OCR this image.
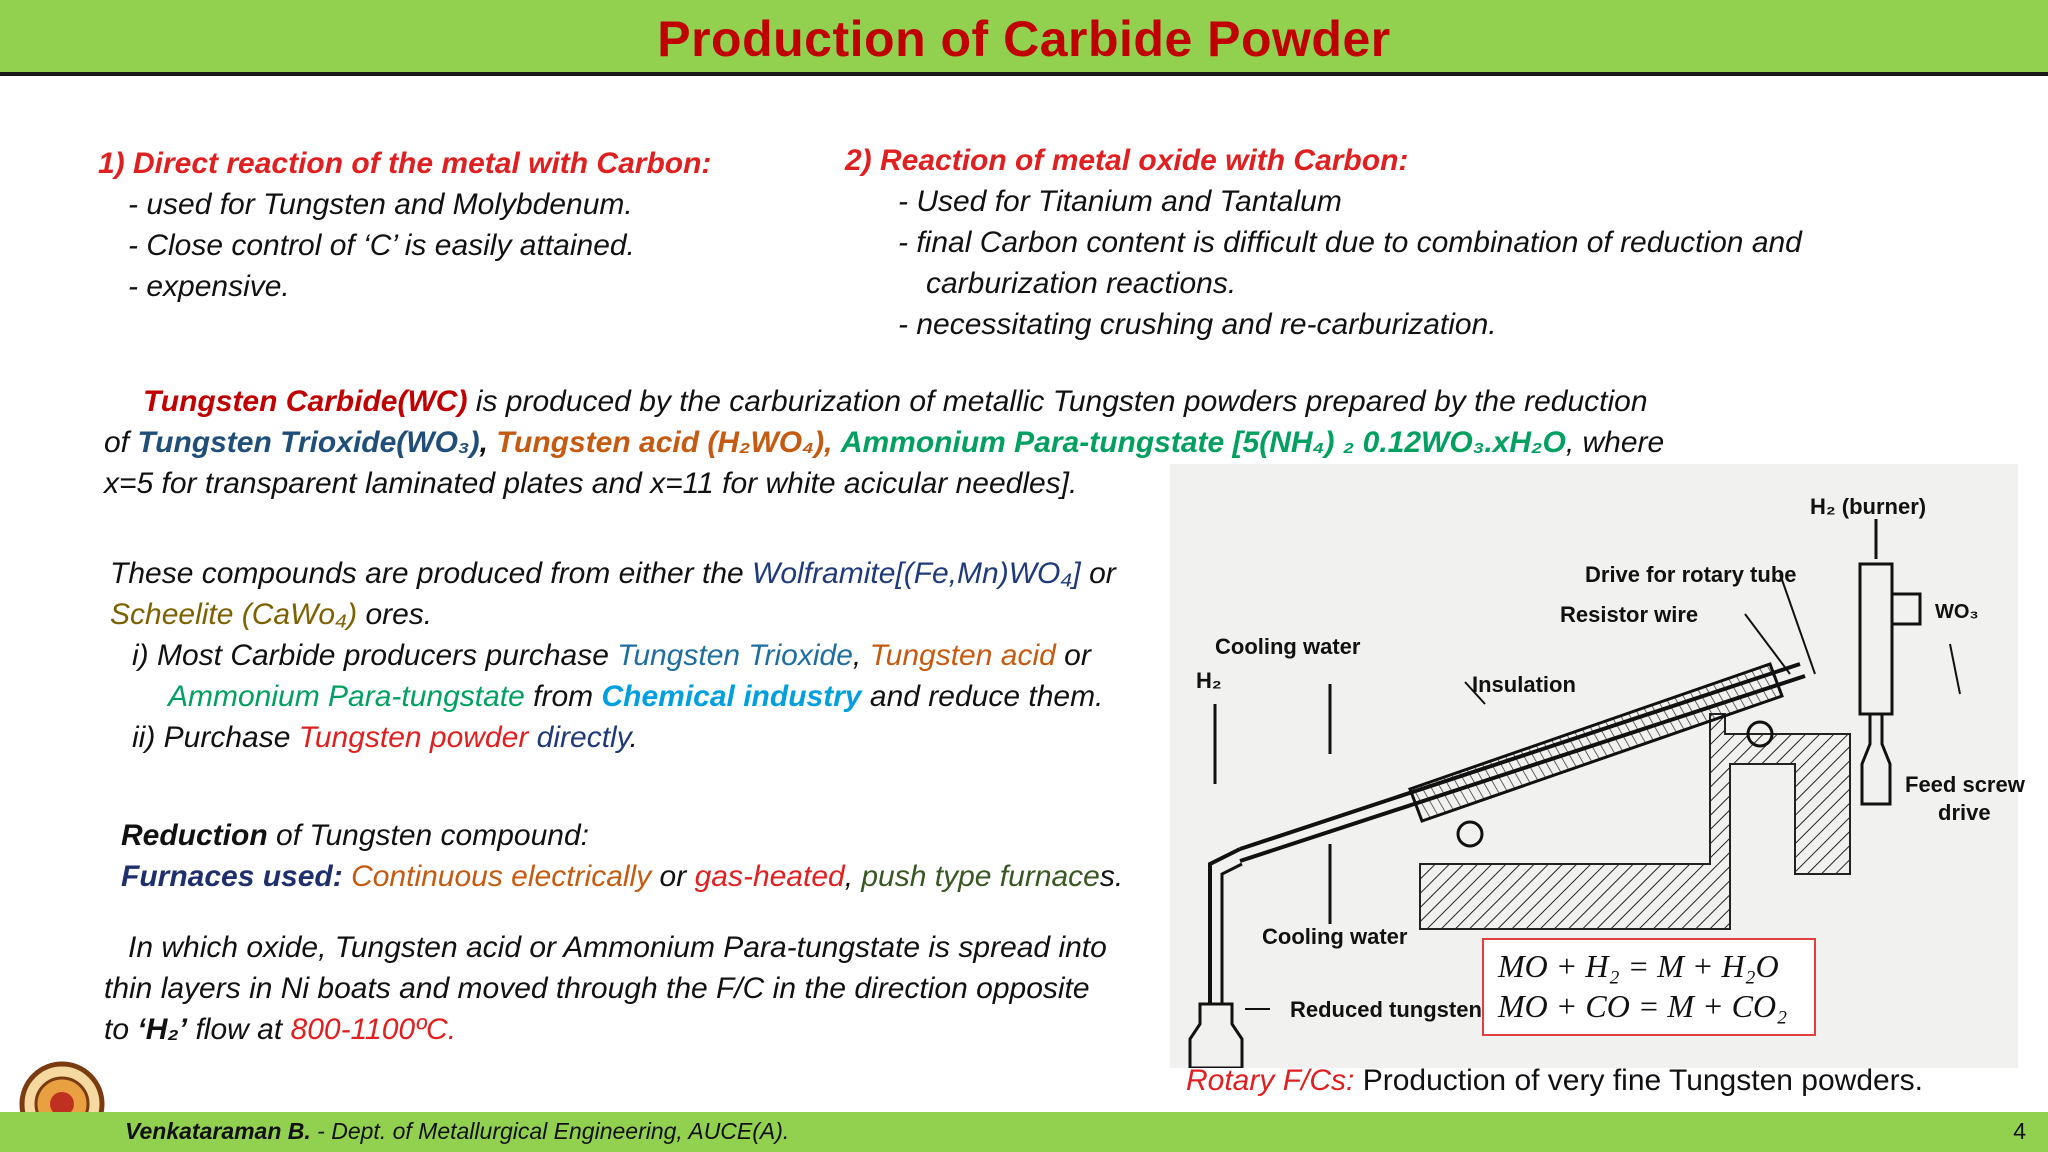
Production of Carbide Powder
1) Direct reaction of the metal with Carbon:
- used for Tungsten and Molybdenum.
- Close control of ‘C’ is easily attained.
- expensive.
2) Reaction of metal oxide with Carbon:
- Used for Titanium and Tantalum
- final Carbon content is difficult due to combination of reduction and
carburization reactions.
- necessitating crushing and re-carburization.
Tungsten Carbide(WC) is produced by the carburization of metallic Tungsten powders prepared by the reduction
of Tungsten Trioxide(WO₃), Tungsten acid (H₂WO₄), Ammonium Para-tungstate [5(NH₄) ₂ 0.12WO₃.xH₂O, where
x=5 for transparent laminated plates and x=11 for white acicular needles].
These compounds are produced from either the Wolframite[(Fe,Mn)WO₄] or
Scheelite (CaWo₄) ores.
i) Most Carbide producers purchase Tungsten Trioxide, Tungsten acid or
Ammonium Para-tungstate from Chemical industry and reduce them.
ii) Purchase Tungsten powder directly.
Reduction of Tungsten compound:
Furnaces used: Continuous electrically or gas-heated, push type furnaces.
In which oxide, Tungsten acid or Ammonium Para-tungstate is spread into
thin layers in Ni boats and moved through the F/C in the direction opposite
to ‘H₂’ flow at 800-1100ºC.
H₂ (burner)
Drive for rotary tube
Resistor wire	WO₃
Cooling water
H₂	Insulation
Feed screw
drive
Cooling water
Reduced tungsten
MO + H₂ = M + H₂O
MO + CO = M + CO₂
Rotary F/Cs: Production of very fine Tungsten powders.
Venkataraman B. - Dept. of Metallurgical Engineering, AUCE(A).	4
